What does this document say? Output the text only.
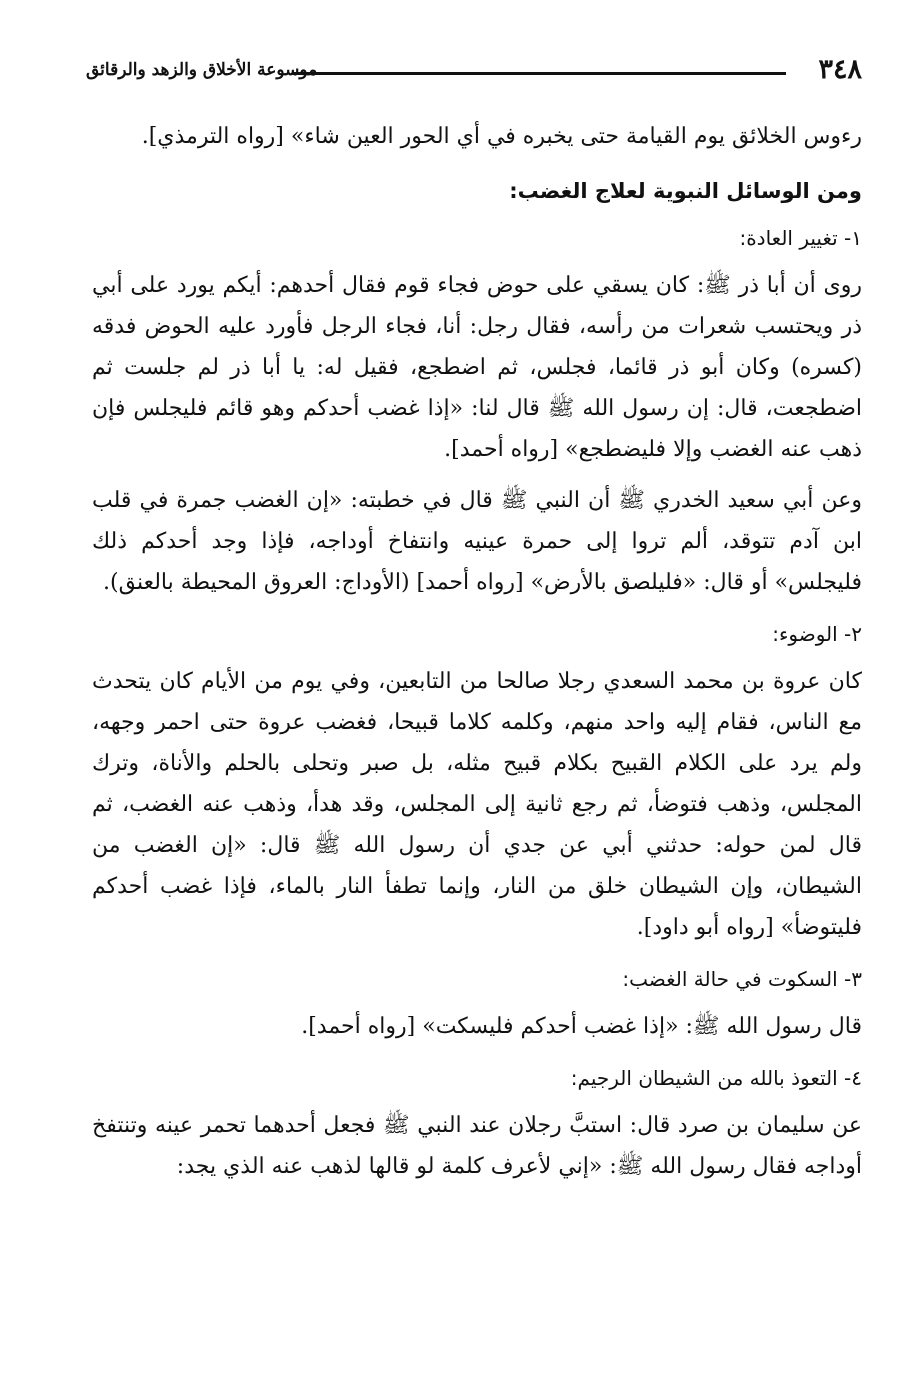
٣٤٨
موسوعة الأخلاق والزهد والرقائق

رءوس الخلائق يوم القيامة حتى يخبره في أي الحور العين شاء» [رواه الترمذي].

ومن الوسائل النبوية لعلاج الغضب:
١- تغيير العادة:

روى أن أبا ذر ﷺ: كان يسقي على حوض فجاء قوم فقال أحدهم: أيكم يورد على أبي ذر ويحتسب شعرات من رأسه، فقال رجل: أنا، فجاء الرجل فأورد عليه الحوض فدقه (كسره) وكان أبو ذر قائما، فجلس، ثم اضطجع، فقيل له: يا أبا ذر لم جلست ثم اضطجعت، قال: إن رسول الله ﷺ قال لنا: «إذا غضب أحدكم وهو قائم فليجلس فإن ذهب عنه الغضب وإلا فليضطجع» [رواه أحمد].

وعن أبي سعيد الخدري ﷺ أن النبي ﷺ قال في خطبته: «إن الغضب جمرة في قلب ابن آدم تتوقد، ألم تروا إلى حمرة عينيه وانتفاخ أوداجه، فإذا وجد أحدكم ذلك فليجلس» أو قال: «فليلصق بالأرض» [رواه أحمد] (الأوداج: العروق المحيطة بالعنق).

٢- الوضوء:

كان عروة بن محمد السعدي رجلا صالحا من التابعين، وفي يوم من الأيام كان يتحدث مع الناس، فقام إليه واحد منهم، وكلمه كلاما قبيحا، فغضب عروة حتى احمر وجهه، ولم يرد على الكلام القبيح بكلام قبيح مثله، بل صبر وتحلى بالحلم والأناة، وترك المجلس، وذهب فتوضأ، ثم رجع ثانية إلى المجلس، وقد هدأ، وذهب عنه الغضب، ثم قال لمن حوله: حدثني أبي عن جدي أن رسول الله ﷺ قال: «إن الغضب من الشيطان، وإن الشيطان خلق من النار، وإنما تطفأ النار بالماء، فإذا غضب أحدكم فليتوضأ» [رواه أبو داود].

٣- السكوت في حالة الغضب:

قال رسول الله ﷺ: «إذا غضب أحدكم فليسكت» [رواه أحمد].

٤- التعوذ بالله من الشيطان الرجيم:

عن سليمان بن صرد قال: استبَّ رجلان عند النبي ﷺ فجعل أحدهما تحمر عينه وتنتفخ أوداجه فقال رسول الله ﷺ: «إني لأعرف كلمة لو قالها لذهب عنه الذي يجد:
